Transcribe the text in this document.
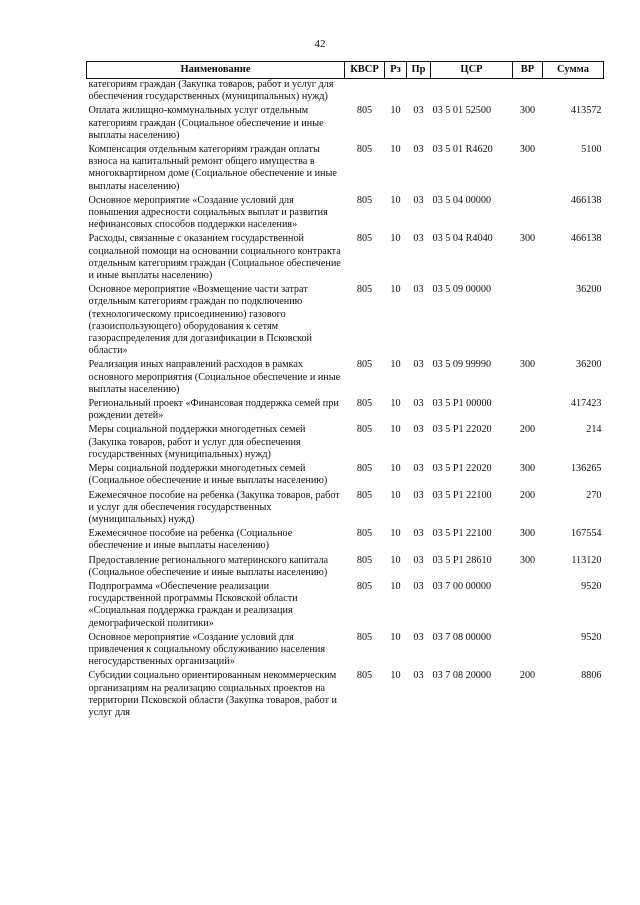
42
Наименование	КВСР	Рз	Пр	ЦСР	ВР	Сумма
категориям граждан (Закупка товаров, работ и услуг для обеспечения государственных (муниципальных) нужд)						
Оплата жилищно-коммунальных услуг отдельным категориям граждан (Социальное обеспечение и иные выплаты населению)	805	10	03	03 5 01 52500	300	413572
Компенсация отдельным категориям граждан оплаты взноса на капитальный ремонт общего имущества в многоквартирном доме (Социальное обеспечение и иные выплаты населению)	805	10	03	03 5 01 R4620	300	5100
Основное мероприятие «Создание условий для повышения адресности социальных выплат и развития нефинансовых способов поддержки населения»	805	10	03	03 5 04 00000		466138
Расходы, связанные с оказанием государственной социальной помощи на основании социального контракта отдельным категориям граждан (Социальное обеспечение и иные выплаты населению)	805	10	03	03 5 04 R4040	300	466138
Основное мероприятие «Возмещение части затрат отдельным категориям граждан по подключению (технологическому присоединению) газового (газоиспользующего) оборудования к сетям газораспределения для догазификации в Псковской области»	805	10	03	03 5 09 00000		36200
Реализация иных направлений расходов в рамках основного мероприятия (Социальное обеспечение и иные выплаты населению)	805	10	03	03 5 09 99990	300	36200
Региональный проект «Финансовая поддержка семей при рождении детей»	805	10	03	03 5 P1 00000		417423
Меры социальной поддержки многодетных семей (Закупка товаров, работ и услуг для обеспечения государственных (муниципальных) нужд)	805	10	03	03 5 P1 22020	200	214
Меры социальной поддержки многодетных семей (Социальное обеспечение и иные выплаты населению)	805	10	03	03 5 P1 22020	300	136265
Ежемесячное пособие на ребенка (Закупка товаров, работ и услуг для обеспечения государственных (муниципальных) нужд)	805	10	03	03 5 P1 22100	200	270
Ежемесячное пособие на ребенка (Социальное обеспечение и иные выплаты населению)	805	10	03	03 5 P1 22100	300	167554
Предоставление регионального материнского капитала (Социальное обеспечение и иные выплаты населению)	805	10	03	03 5 P1 28610	300	113120
Подпрограмма «Обеспечение реализации государственной программы Псковской области «Социальная поддержка граждан и реализация демографической политики»	805	10	03	03 7 00 00000		9520
Основное мероприятие «Создание условий для привлечения к социальному обслуживанию населения негосударственных организаций»	805	10	03	03 7 08 00000		9520
Субсидии социально ориентированным некоммерческим организациям на реализацию социальных проектов на территории Псковской области (Закупка товаров, работ и услуг для	805	10	03	03 7 08 20000	200	8806
